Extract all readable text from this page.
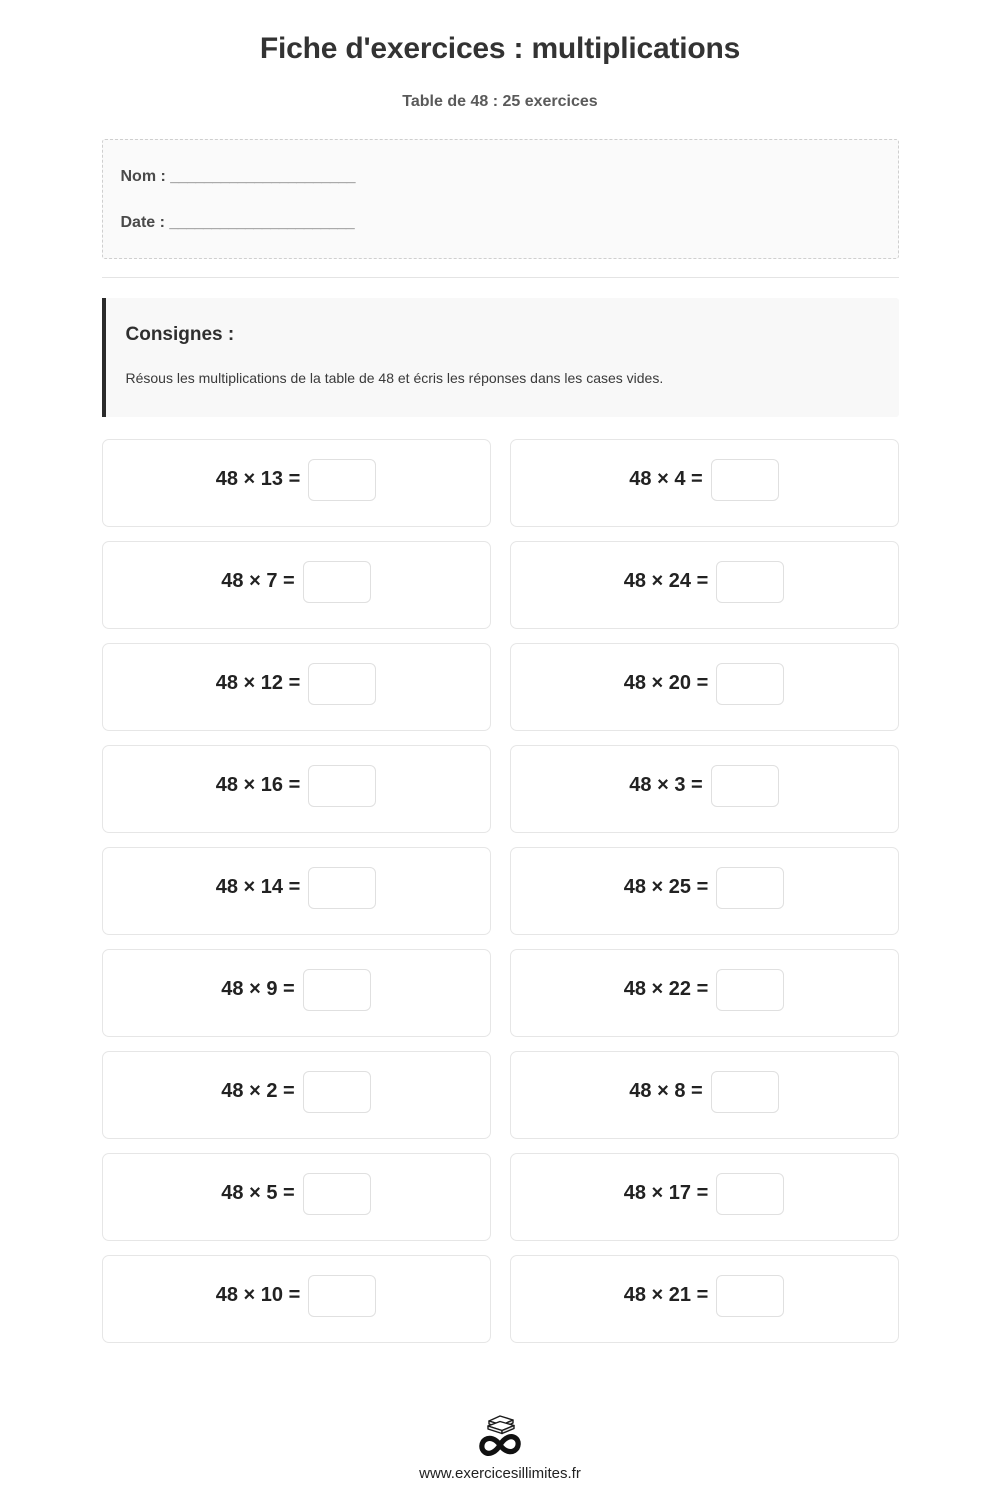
Fiche d'exercices : multiplications

Table de 48 : 25 exercices

Nom : ______________________
Date : ______________________

Consignes :

Résous les multiplications de la table de 48 et écris les réponses dans les cases vides.

48 × 13 =	48 × 4 =
48 × 7 =	48 × 24 =
48 × 12 =	48 × 20 =
48 × 16 =	48 × 3 =
48 × 14 =	48 × 25 =
48 × 9 =	48 × 22 =
48 × 2 =	48 × 8 =
48 × 5 =	48 × 17 =
48 × 10 =	48 × 21 =

www.exercicesillimites.fr
